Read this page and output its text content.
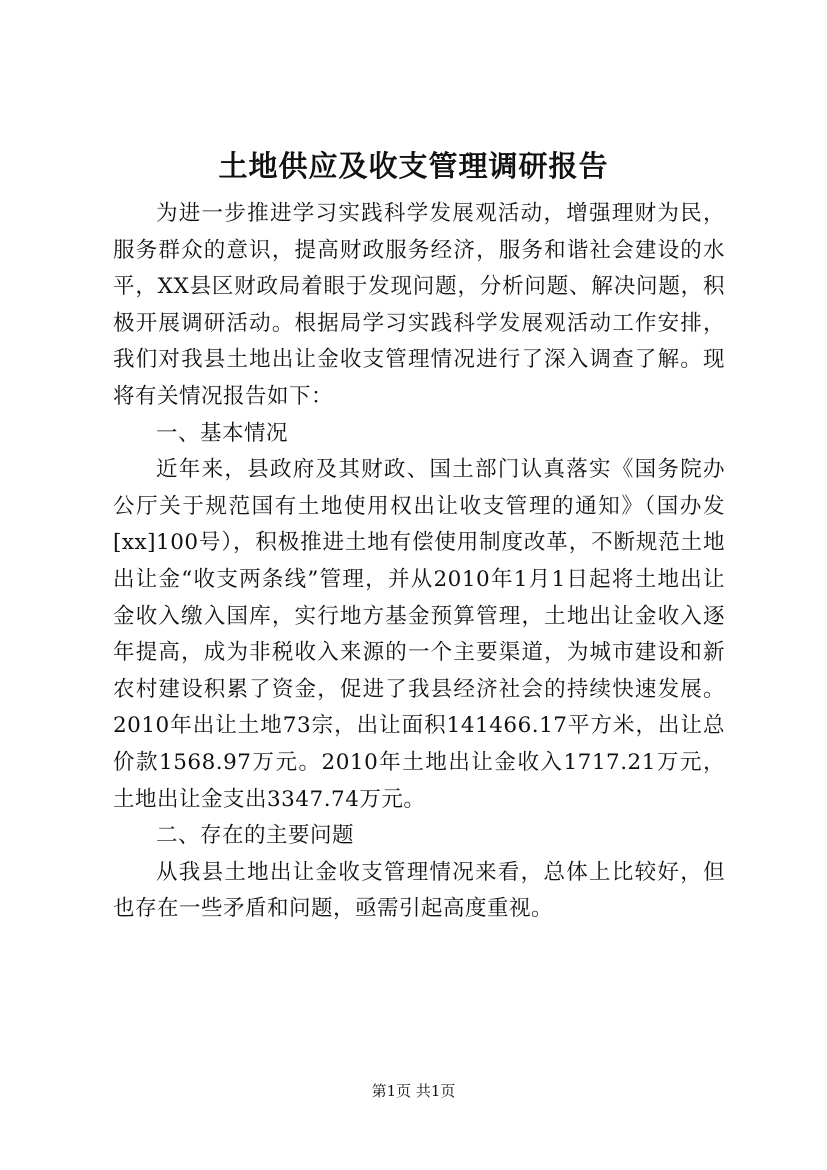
土地供应及收支管理调研报告

为进一步推进学习实践科学发展观活动，增强理财为民，服务群众的意识，提高财政服务经济，服务和谐社会建设的水平，XX县区财政局着眼于发现问题，分析问题、解决问题，积极开展调研活动。根据局学习实践科学发展观活动工作安排，我们对我县土地出让金收支管理情况进行了深入调查了解。现将有关情况报告如下：

一、基本情况

近年来，县政府及其财政、国土部门认真落实《国务院办公厅关于规范国有土地使用权出让收支管理的通知》（国办发[xx]100号），积极推进土地有偿使用制度改革，不断规范土地出让金“收支两条线”管理，并从2010年1月1日起将土地出让金收入缴入国库，实行地方基金预算管理，土地出让金收入逐年提高，成为非税收入来源的一个主要渠道，为城市建设和新农村建设积累了资金，促进了我县经济社会的持续快速发展。2010年出让土地73宗，出让面积141466.17平方米，出让总价款1568.97万元。2010年土地出让金收入1717.21万元，土地出让金支出3347.74万元。

二、存在的主要问题

从我县土地出让金收支管理情况来看，总体上比较好，但也存在一些矛盾和问题，亟需引起高度重视。

第1页 共1页
